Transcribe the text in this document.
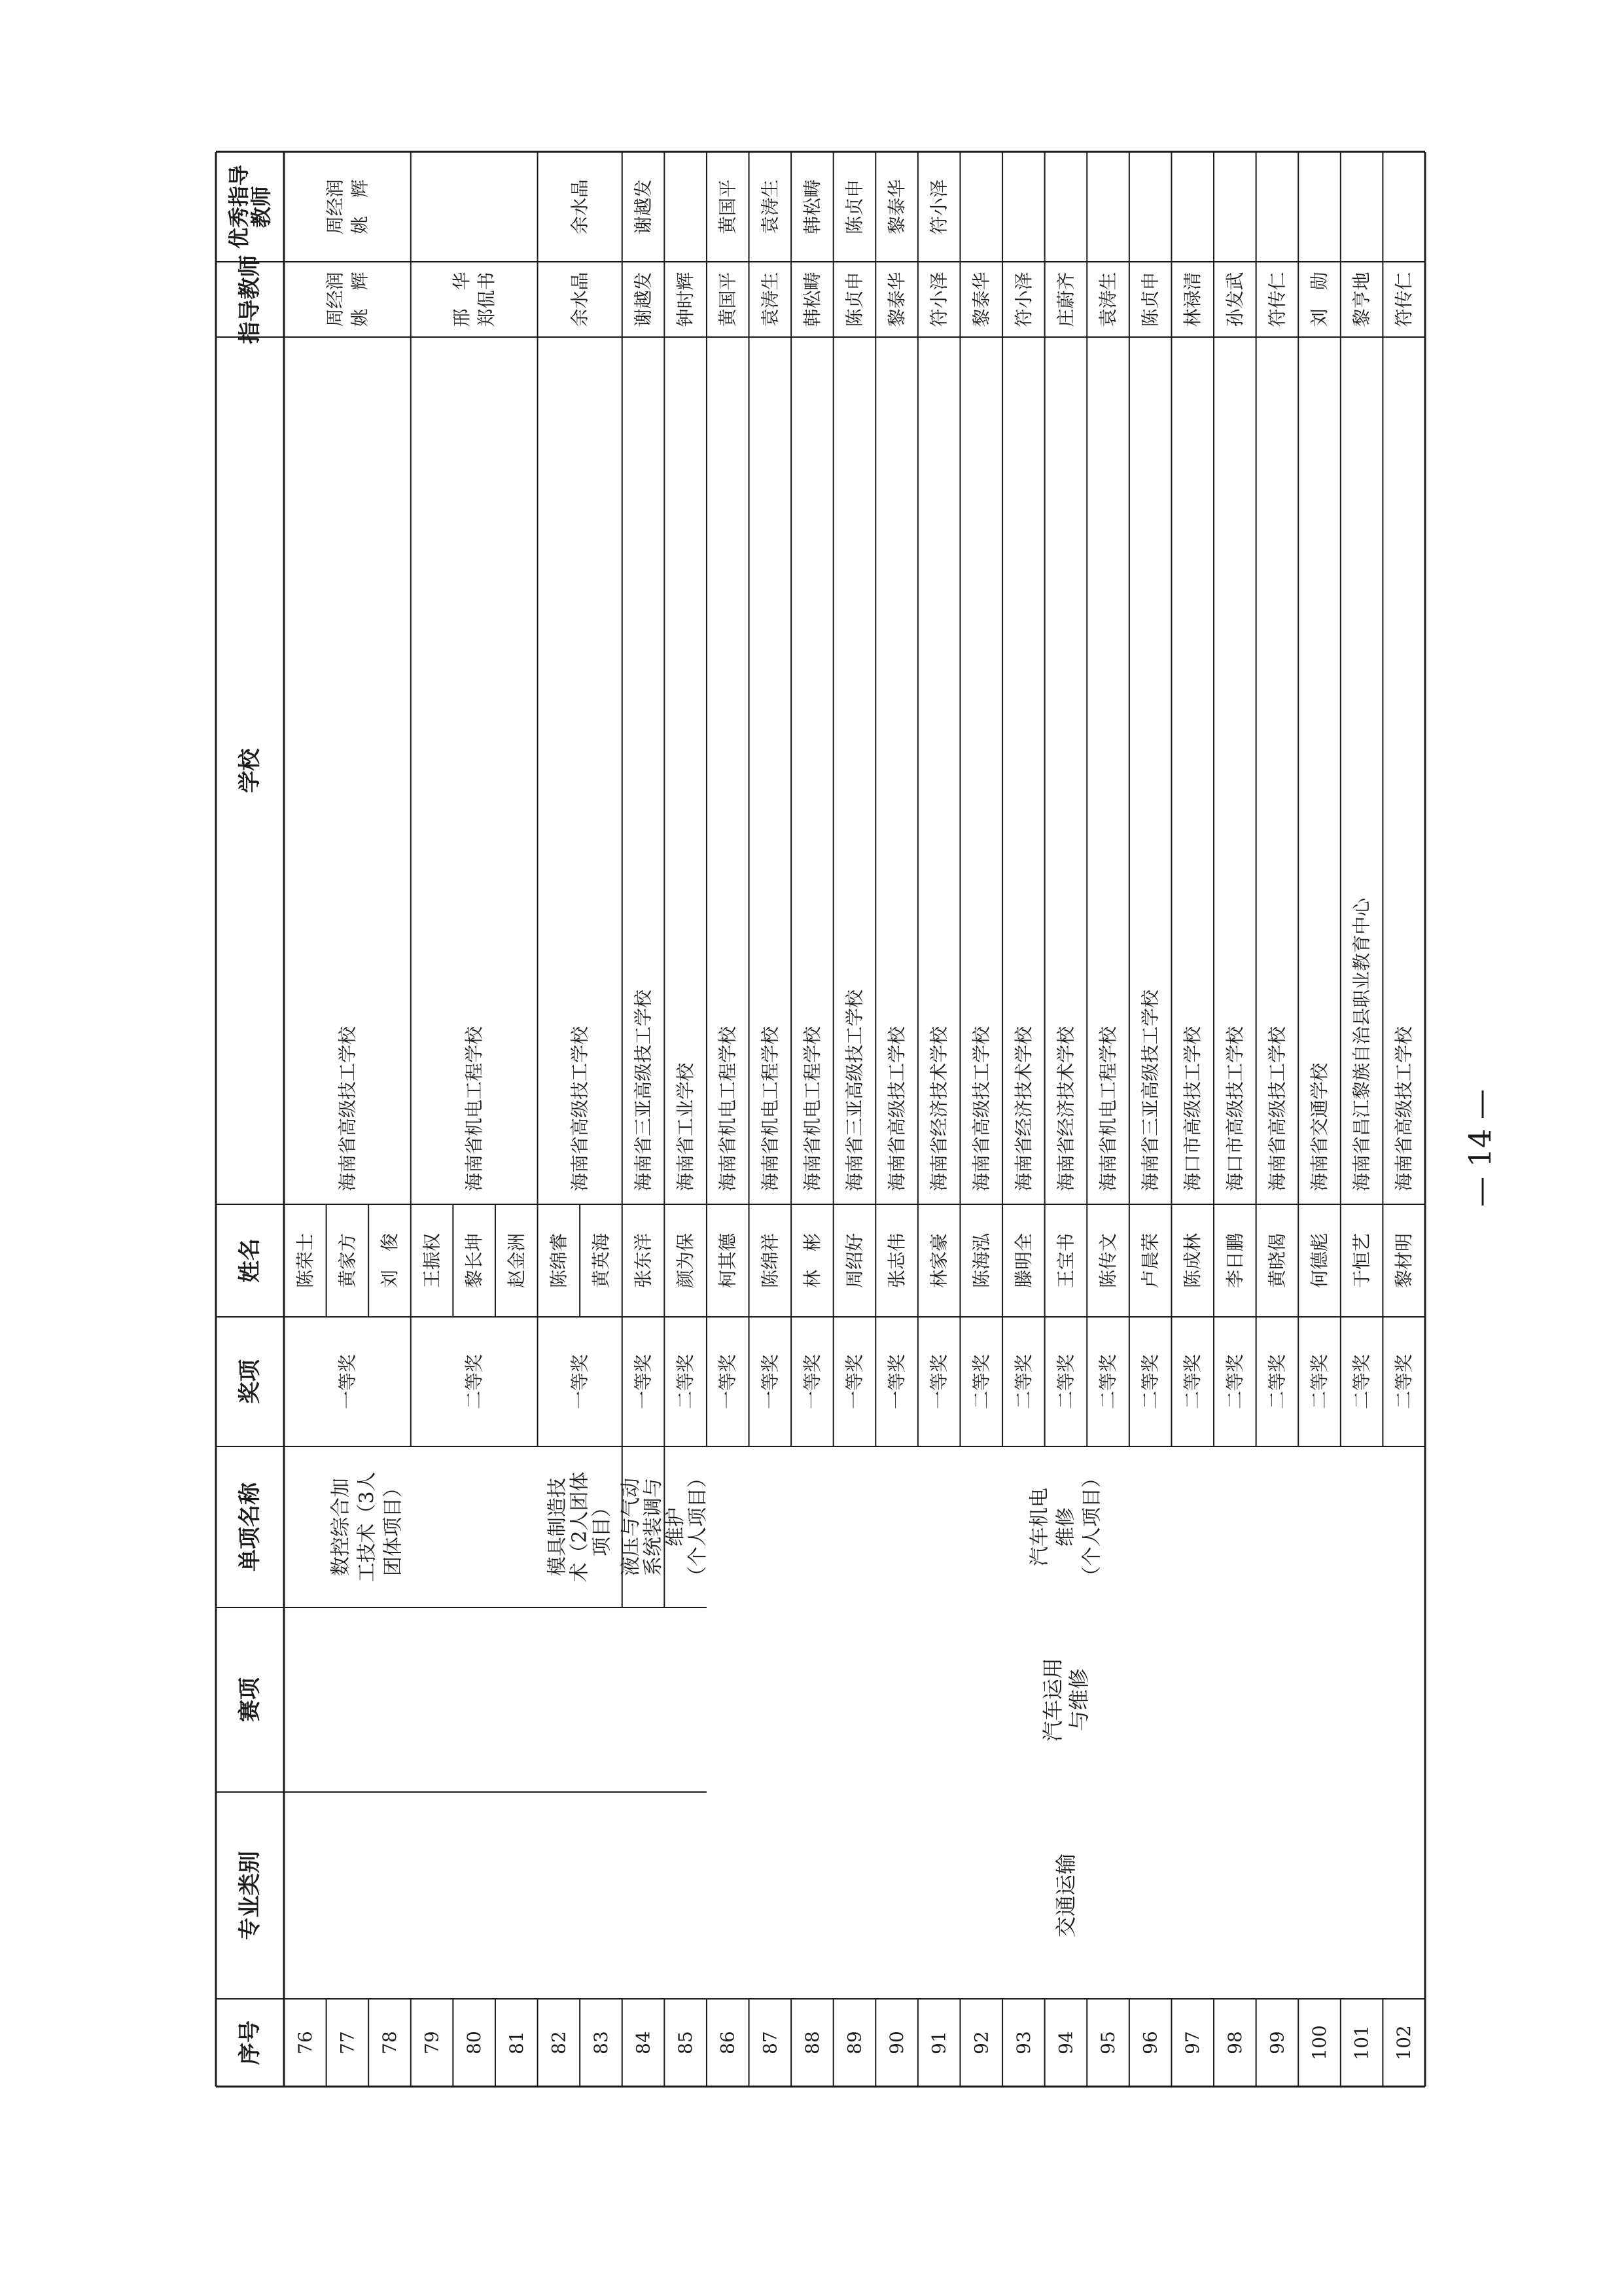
序号
专业类别
赛项
单项名称
奖项
姓名
学校
指导教师
优秀指导
教师
76
陈荣士
77
黄家方
78
刘　俊
79
王振权
80
黎长坤
81
赵金洲
82
陈绵睿
83
黄英海
84
张东洋
一等奖
海南省三亚高级技工学校
谢越发
谢越发
85
颜为保
二等奖
海南省工业学校
钟时辉
86
柯其德
一等奖
海南省机电工程学校
黄国平
黄国平
87
陈绵祥
一等奖
海南省机电工程学校
袁涛生
袁涛生
88
林　彬
一等奖
海南省机电工程学校
韩松畴
韩松畴
89
周绍好
一等奖
海南省三亚高级技工学校
陈贞申
陈贞申
90
张志伟
一等奖
海南省高级技工学校
黎泰华
黎泰华
91
林家豪
一等奖
海南省经济技术学校
符小泽
符小泽
92
陈海泓
二等奖
海南省高级技工学校
黎泰华
93
滕明全
二等奖
海南省经济技术学校
符小泽
94
王宝书
二等奖
海南省经济技术学校
庄蔚齐
95
陈传文
二等奖
海南省机电工程学校
袁涛生
96
卢晨荣
二等奖
海南省三亚高级技工学校
陈贞申
97
陈成林
二等奖
海口市高级技工学校
林禄清
98
李日鹏
二等奖
海口市高级技工学校
孙发武
99
黄晓偈
二等奖
海南省高级技工学校
符传仁
100
何德彪
二等奖
海南省交通学校
刘　勋
101
于恒艺
二等奖
海南省昌江黎族自治县职业教育中心
黎亨地
102
黎材明
二等奖
海南省高级技工学校
符传仁
一等奖
海南省高级技工学校
周经润 姚　辉
周经润 姚　辉
二等奖
海南省机电工程学校
邢　华 郑侃书
一等奖
海南省高级技工学校
余水晶
余水晶
数控综合加 工技术（3人 团体项目）	模具制造技 术（2人团体 项目） 液压与气动 系统装调与 维护 （个人项目）	汽车机电 维修 （个人项目）
交通运输
汽车运用 与维修
— 14 —
